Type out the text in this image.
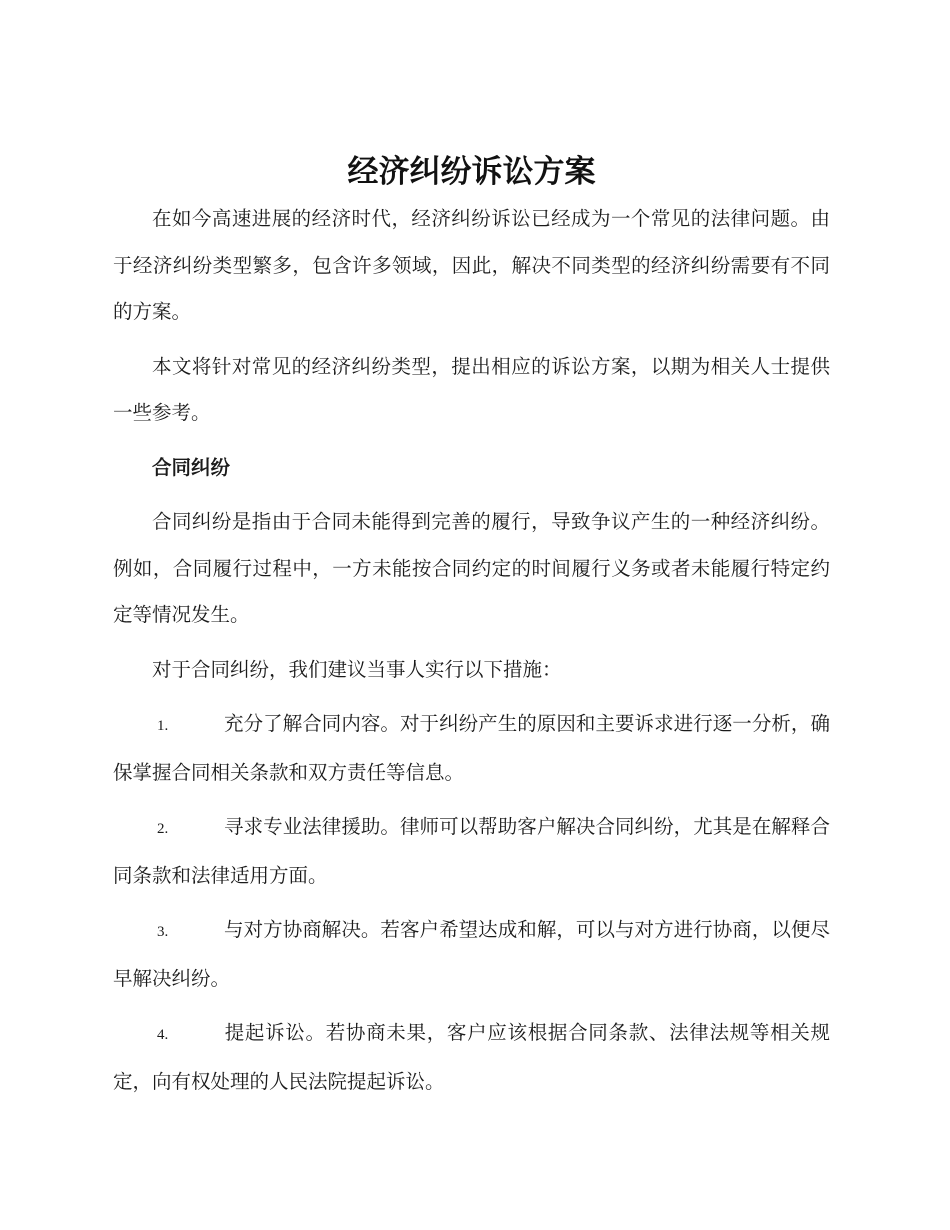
经济纠纷诉讼方案

在如今高速进展的经济时代，经济纠纷诉讼已经成为一个常见的法律问题。由于经济纠纷类型繁多，包含许多领域，因此，解决不同类型的经济纠纷需要有不同的方案。

本文将针对常见的经济纠纷类型，提出相应的诉讼方案，以期为相关人士提供一些参考。

合同纠纷

合同纠纷是指由于合同未能得到完善的履行，导致争议产生的一种经济纠纷。例如，合同履行过程中，一方未能按合同约定的时间履行义务或者未能履行特定约定等情况发生。

对于合同纠纷，我们建议当事人实行以下措施：

1.	充分了解合同内容。对于纠纷产生的原因和主要诉求进行逐一分析，确保掌握合同相关条款和双方责任等信息。

2.	寻求专业法律援助。律师可以帮助客户解决合同纠纷，尤其是在解释合同条款和法律适用方面。

3.	与对方协商解决。若客户希望达成和解，可以与对方进行协商，以便尽早解决纠纷。

4.	提起诉讼。若协商未果，客户应该根据合同条款、法律法规等相关规定，向有权处理的人民法院提起诉讼。
